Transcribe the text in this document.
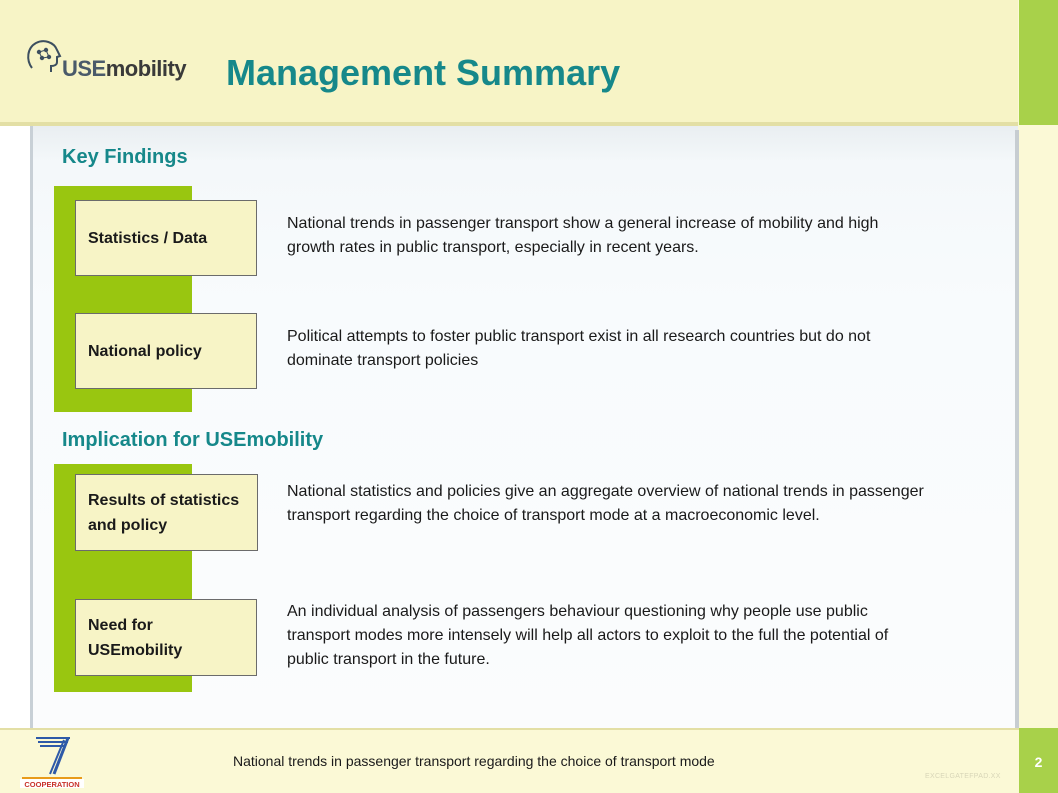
USEmobility Management Summary
Key Findings
Statistics / Data

National trends in passenger transport show a general increase of mobility and high growth rates in public transport, especially in recent years.

National policy

Political attempts to foster public transport exist in all research countries but do not dominate transport policies

Implication for USEmobility
Results of statistics and policy

National statistics and policies give an aggregate overview of national trends in passenger transport regarding the choice of transport mode at a macroeconomic level.

Need for USEmobility

An individual analysis of passengers behaviour questioning why people use public transport modes more intensely will help all actors to exploit to the full the potential of public transport in the future.

COOPERATION
National trends in passenger transport regarding the choice of transport mode	2
EXCELGATEFPAD.XX
